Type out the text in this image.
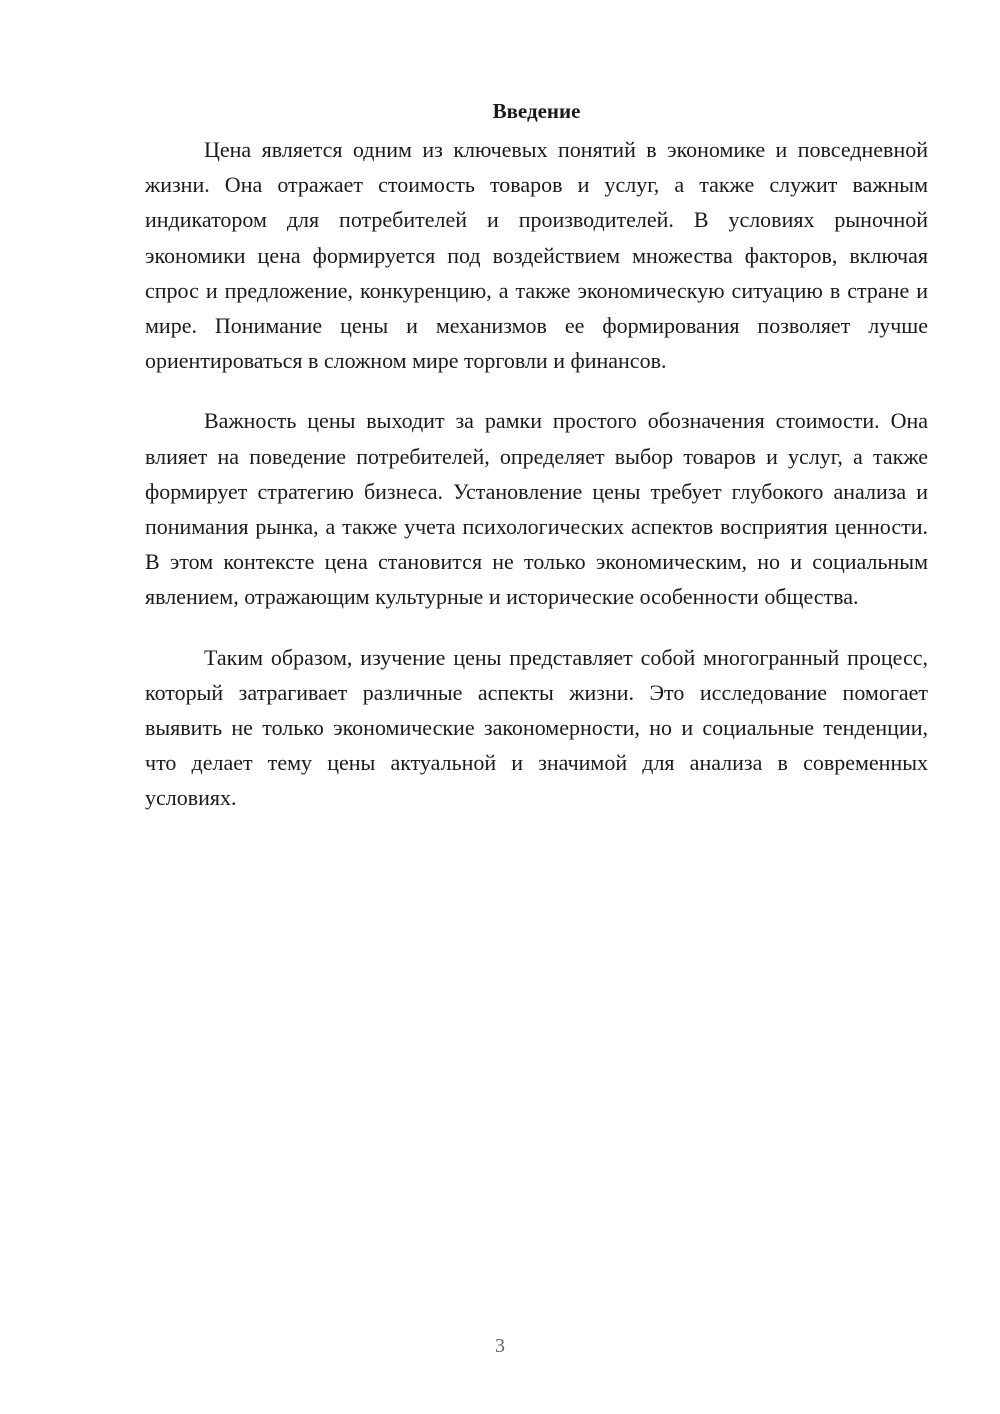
Введение

Цена является одним из ключевых понятий в экономике и повседневной жизни. Она отражает стоимость товаров и услуг, а также служит важным индикатором для потребителей и производителей. В условиях рыночной экономики цена формируется под воздействием множества факторов, включая спрос и предложение, конкуренцию, а также экономическую ситуацию в стране и мире. Понимание цены и механизмов ее формирования позволяет лучше ориентироваться в сложном мире торговли и финансов.

Важность цены выходит за рамки простого обозначения стоимости. Она влияет на поведение потребителей, определяет выбор товаров и услуг, а также формирует стратегию бизнеса. Установление цены требует глубокого анализа и понимания рынка, а также учета психологических аспектов восприятия ценности. В этом контексте цена становится не только экономическим, но и социальным явлением, отражающим культурные и исторические особенности общества.

Таким образом, изучение цены представляет собой многогранный процесс, который затрагивает различные аспекты жизни. Это исследование помогает выявить не только экономические закономерности, но и социальные тенденции, что делает тему цены актуальной и значимой для анализа в современных условиях.

3
